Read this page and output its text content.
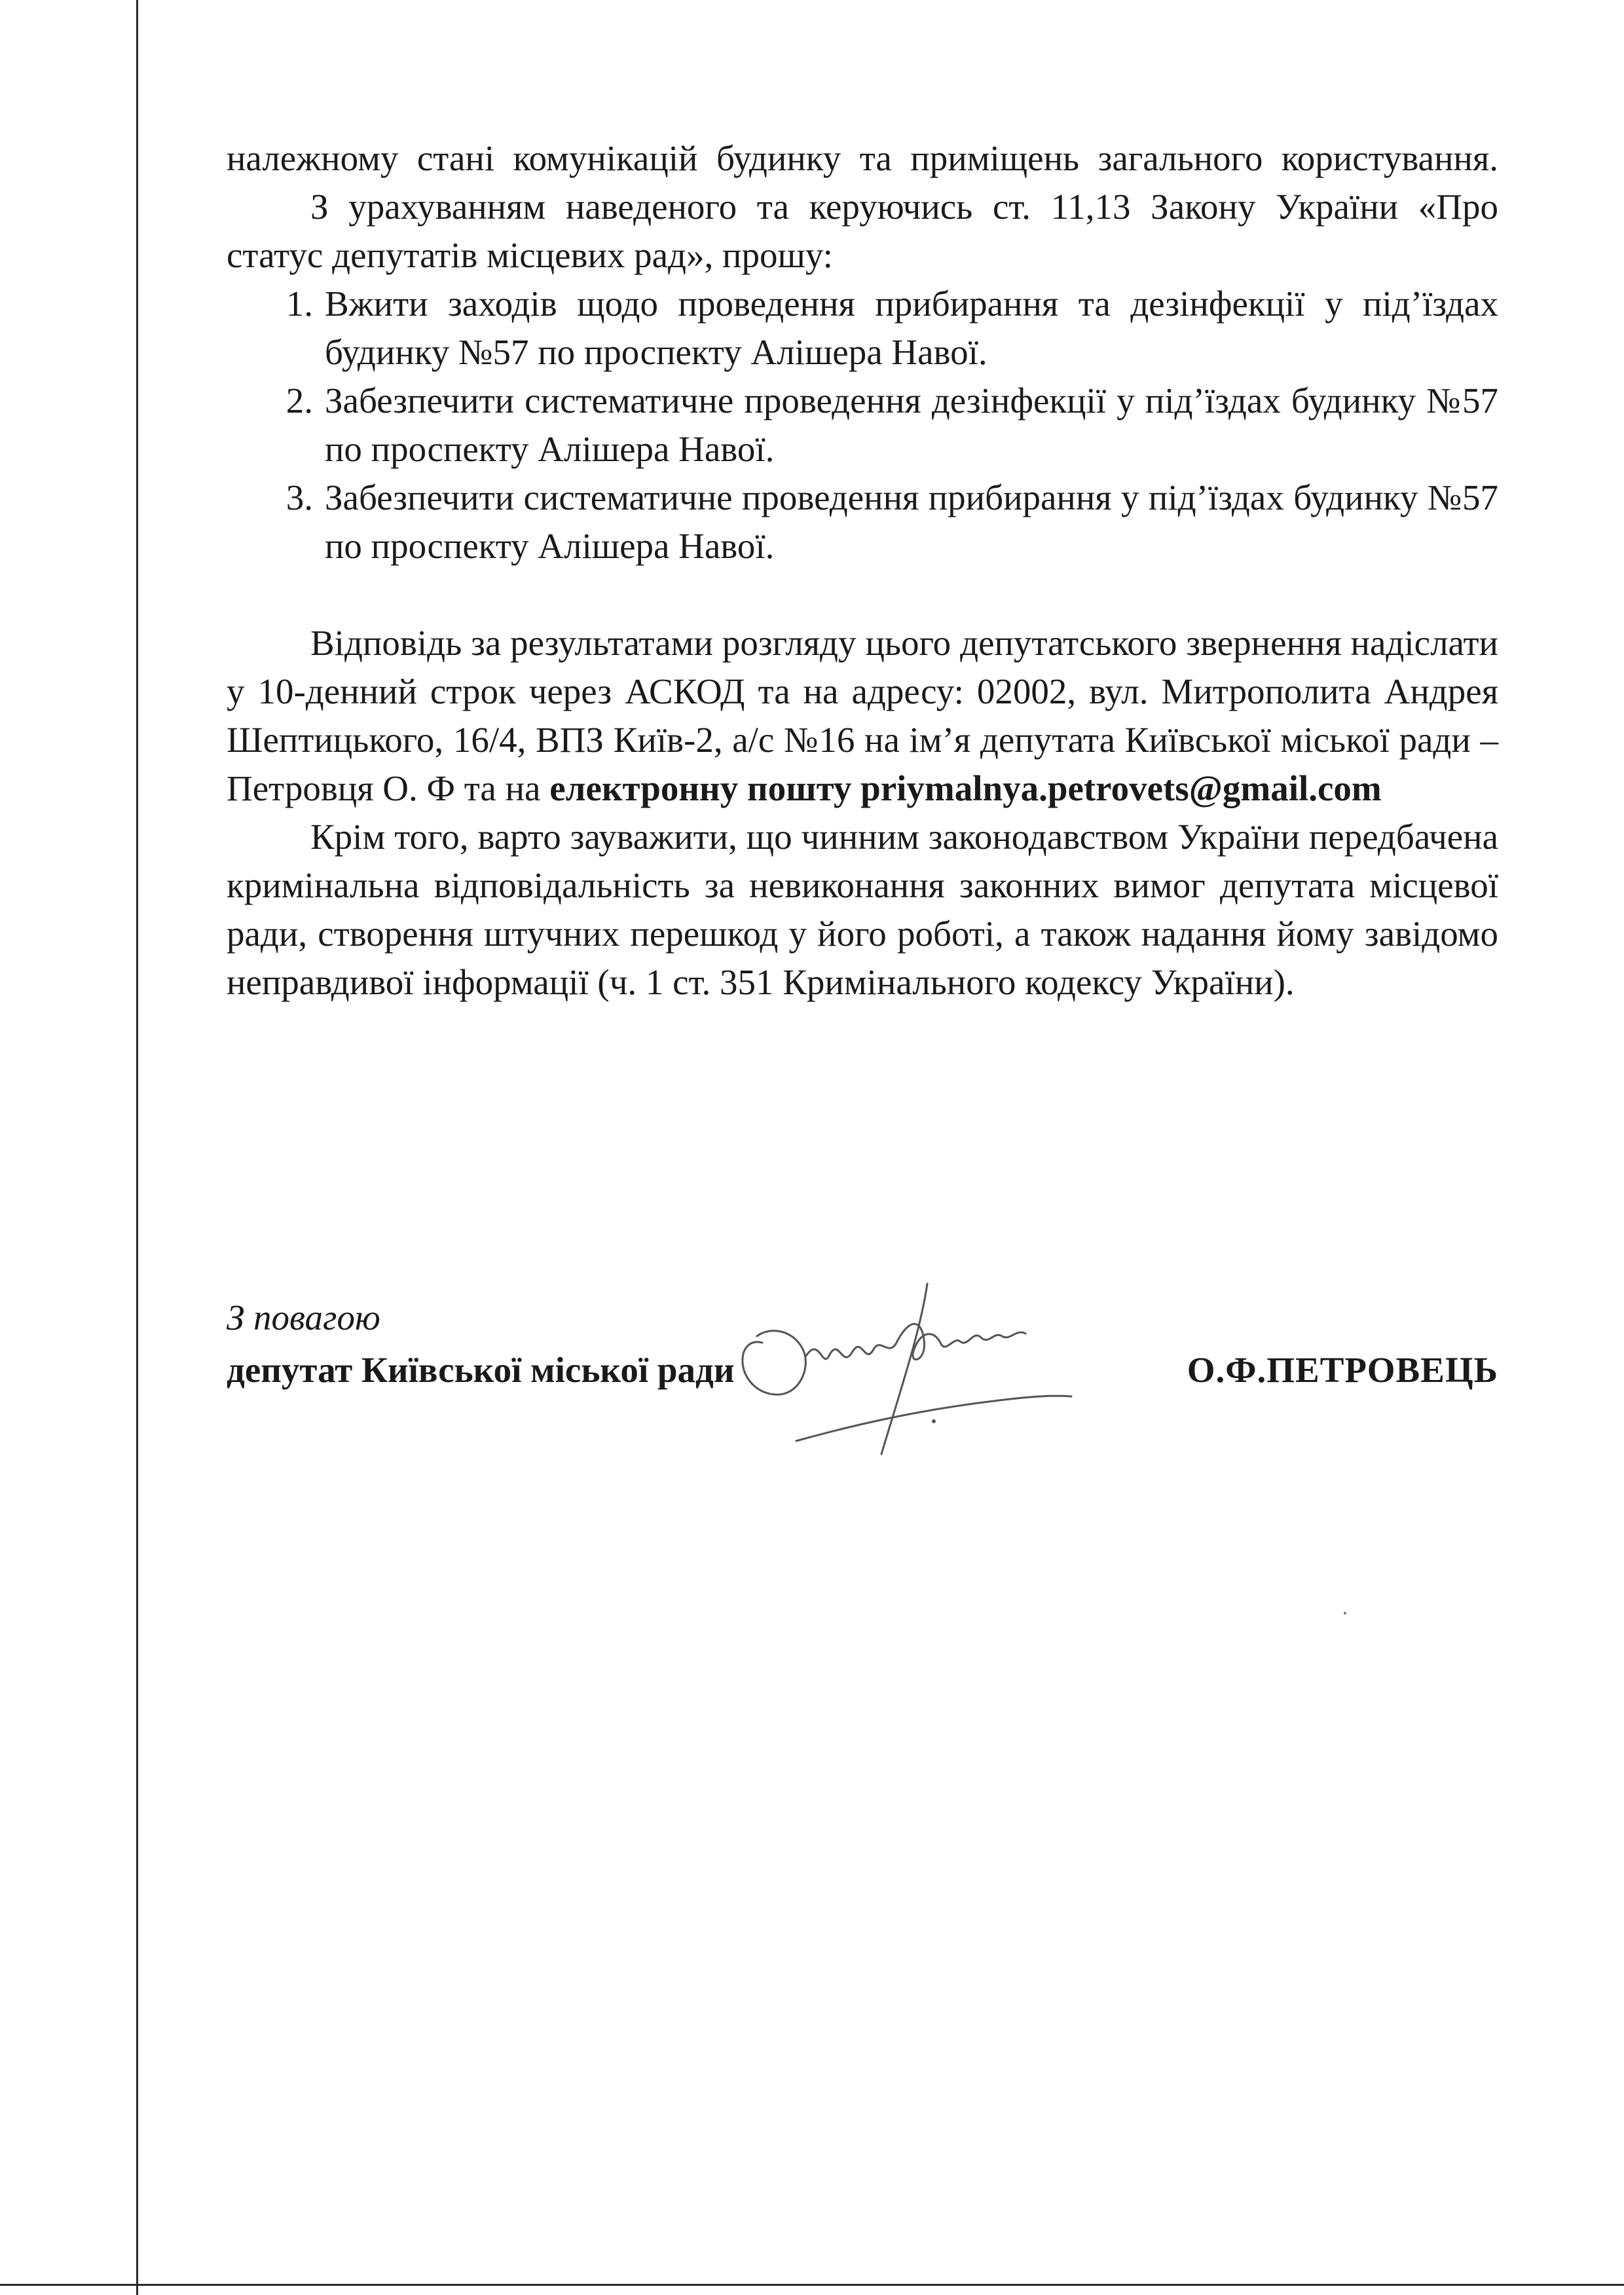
належному стані комунікацій будинку та приміщень загального користування.

З урахуванням наведеного та керуючись ст. 11,13 Закону України «Про статус депутатів місцевих рад», прошу:

1. Вжити заходів щодо проведення прибирання та дезінфекції у під’їздах будинку №57 по проспекту Алішера Навої.
2. Забезпечити систематичне проведення дезінфекції у під’їздах будинку №57 по проспекту Алішера Навої.
3. Забезпечити систематичне проведення прибирання у під’їздах будинку №57 по проспекту Алішера Навої.

Відповідь за результатами розгляду цього депутатського звернення надіслати у 10-денний строк через АСКОД та на адресу: 02002, вул. Митрополита Андрея Шептицького, 16/4, ВПЗ Київ-2, а/с №16 на ім’я депутата Київської міської ради – Петровця О. Ф та на електронну пошту priymalnya.petrovets@gmail.com

Крім того, варто зауважити, що чинним законодавством України передбачена кримінальна відповідальність за невиконання законних вимог депутата місцевої ради, створення штучних перешкод у його роботі, а також надання йому завідомо неправдивої інформації (ч. 1 ст. 351 Кримінального кодексу України).

З повагою
депутат Київської міської ради	О.Ф.ПЕТРОВЕЦЬ
